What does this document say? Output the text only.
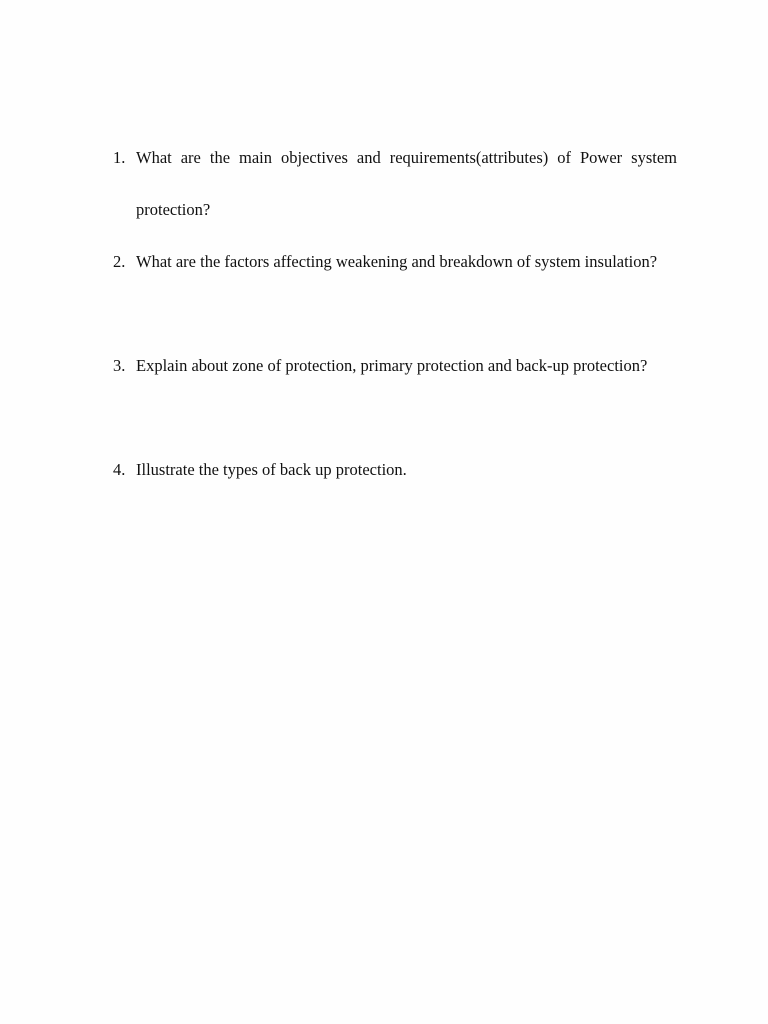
1. What are the main objectives and requirements(attributes) of Power system protection?
2. What are the factors affecting weakening and breakdown of system insulation?
3. Explain about zone of protection, primary protection and back-up protection?
4. Illustrate the types of back up protection.
